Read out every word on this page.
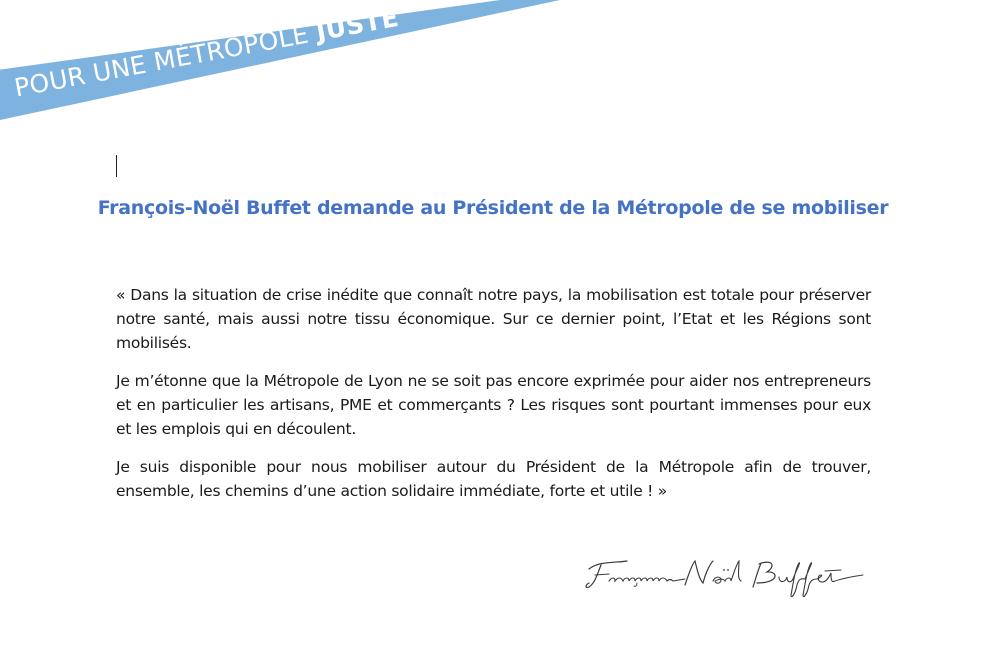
POUR UNE MÉTROPOLE JUSTE
François-Noël Buffet demande au Président de la Métropole de se mobiliser

« Dans la situation de crise inédite que connaît notre pays, la mobilisation est totale pour préserver notre santé, mais aussi notre tissu économique. Sur ce dernier point, l’Etat et les Régions sont mobilisés.

Je m’étonne que la Métropole de Lyon ne se soit pas encore exprimée pour aider nos entrepreneurs et en particulier les artisans, PME et commerçants ? Les risques sont pourtant immenses pour eux et les emplois qui en découlent.

Je suis disponible pour nous mobiliser autour du Président de la Métropole afin de trouver, ensemble, les chemins d’une action solidaire immédiate, forte et utile ! »
